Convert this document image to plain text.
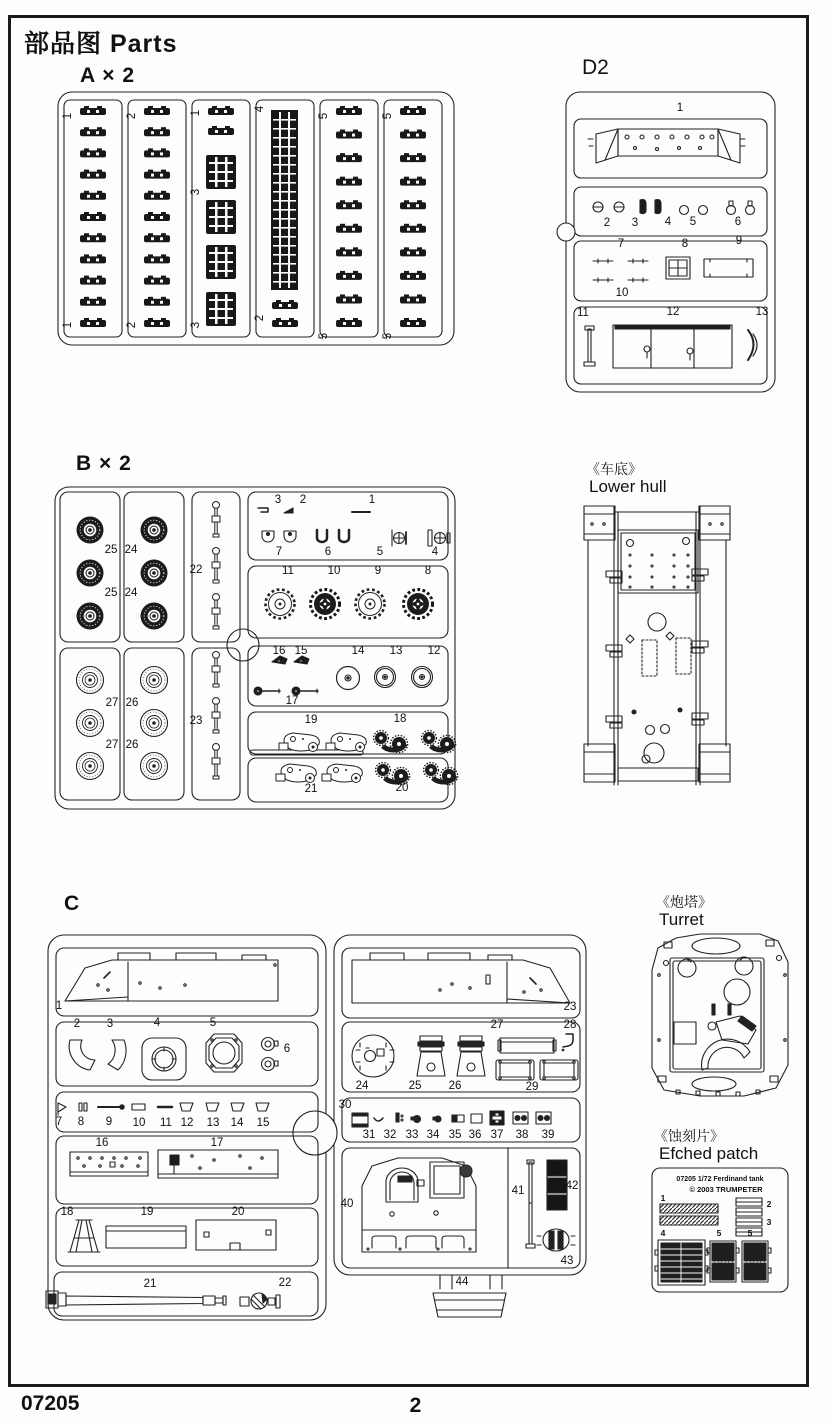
部品图 Parts
A × 2	D2
B × 2
C
《车底》
Lower hull
《炮塔》
Turret
《蚀刻片》
Efched patch
07205	2
1
1
2
2
1
3
3
4
2
5
5
5
5
1
2 3 4 5	6
7	8	9
10
11	12	13
25 24
25 24
27 26
27 26
22
23
3 2	1
7	6	5	4
11	10	9	8
16 15	14 13 12
17
19	18
21	20
1
2 3	4	5
6
7 8 9 10 11 12 13 14 15
16	17
18	19	20
21	22
23
24	25 26
27	28
29
30
31 32 33 34 35 36 37 38 39
40
41	42
43
44
07205 1/72 Ferdinand tank
© 2003 TRUMPETER
1
2
3
4	5	5
